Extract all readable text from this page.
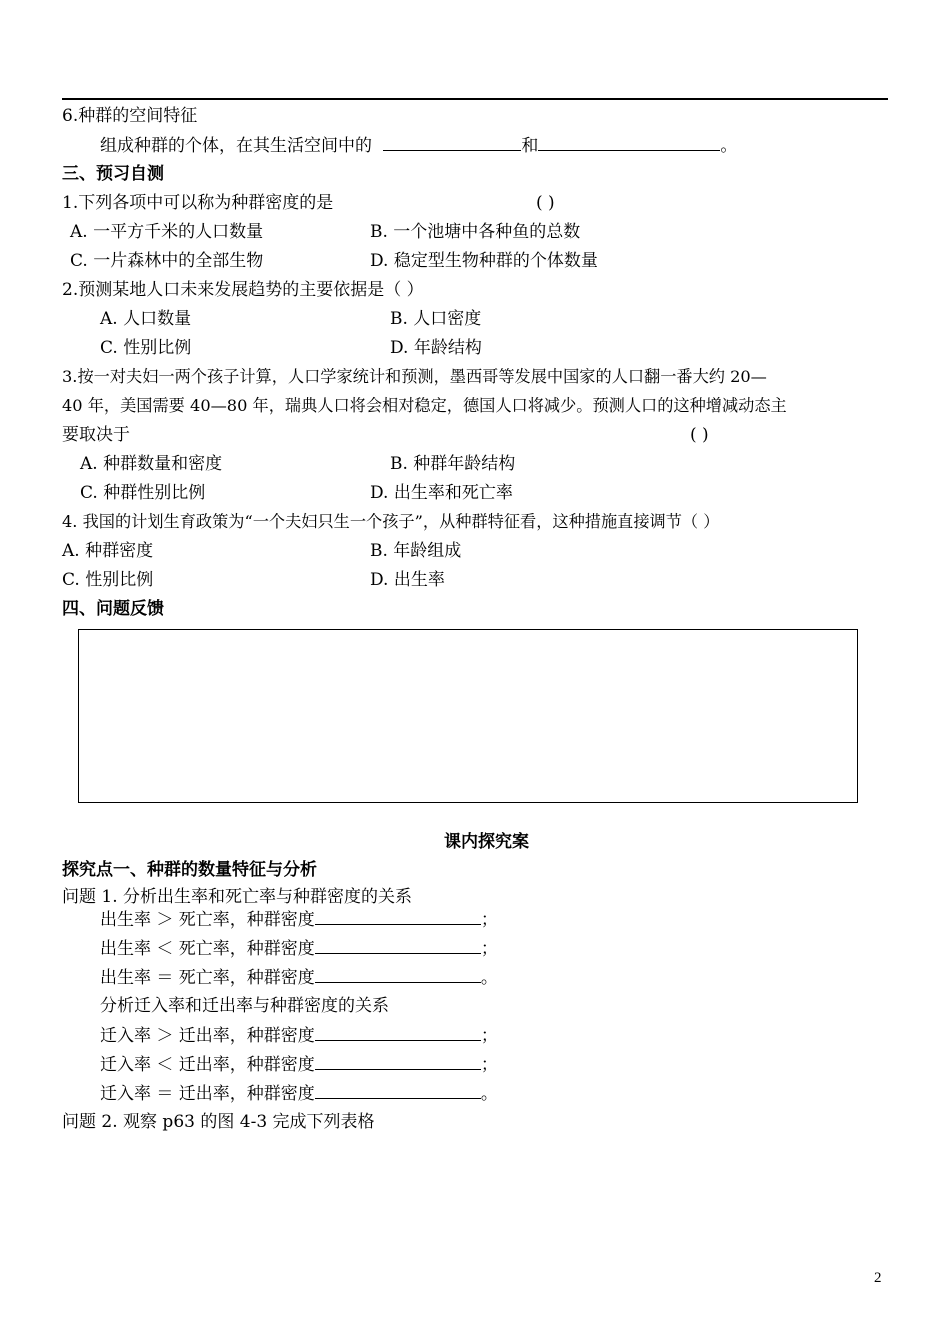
6.种群的空间特征
组成种群的个体，在其生活空间中的	和	。
三、预习自测
1.下列各项中可以称为种群密度的是	( )
A. 一平方千米的人口数量	B. 一个池塘中各种鱼的总数
C. 一片森林中的全部生物	D. 稳定型生物种群的个体数量
2.预测某地人口未来发展趋势的主要依据是（ ）
A. 人口数量	B. 人口密度
C. 性别比例	D. 年龄结构
3.按一对夫妇一两个孩子计算，人口学家统计和预测，墨西哥等发展中国家的人口翻一番大约 20—
40 年，美国需要 40—80 年，瑞典人口将会相对稳定，德国人口将减少。预测人口的这种增减动态主
要取决于	( )
A. 种群数量和密度	B. 种群年龄结构
C. 种群性别比例	D. 出生率和死亡率
4. 我国的计划生育政策为“一个夫妇只生一个孩子”，从种群特征看，这种措施直接调节（ ）
A. 种群密度	B. 年龄组成
C. 性别比例	D. 出生率
四、问题反馈
课内探究案
探究点一、种群的数量特征与分析
问题 1. 分析出生率和死亡率与种群密度的关系
出生率 ＞ 死亡率，种群密度	；
出生率 ＜ 死亡率，种群密度	；
出生率 ＝ 死亡率，种群密度	。
分析迁入率和迁出率与种群密度的关系
迁入率 ＞ 迁出率，种群密度	；
迁入率 ＜ 迁出率，种群密度	；
迁入率 ＝ 迁出率，种群密度	。
问题 2. 观察 p63 的图 4-3 完成下列表格
2
